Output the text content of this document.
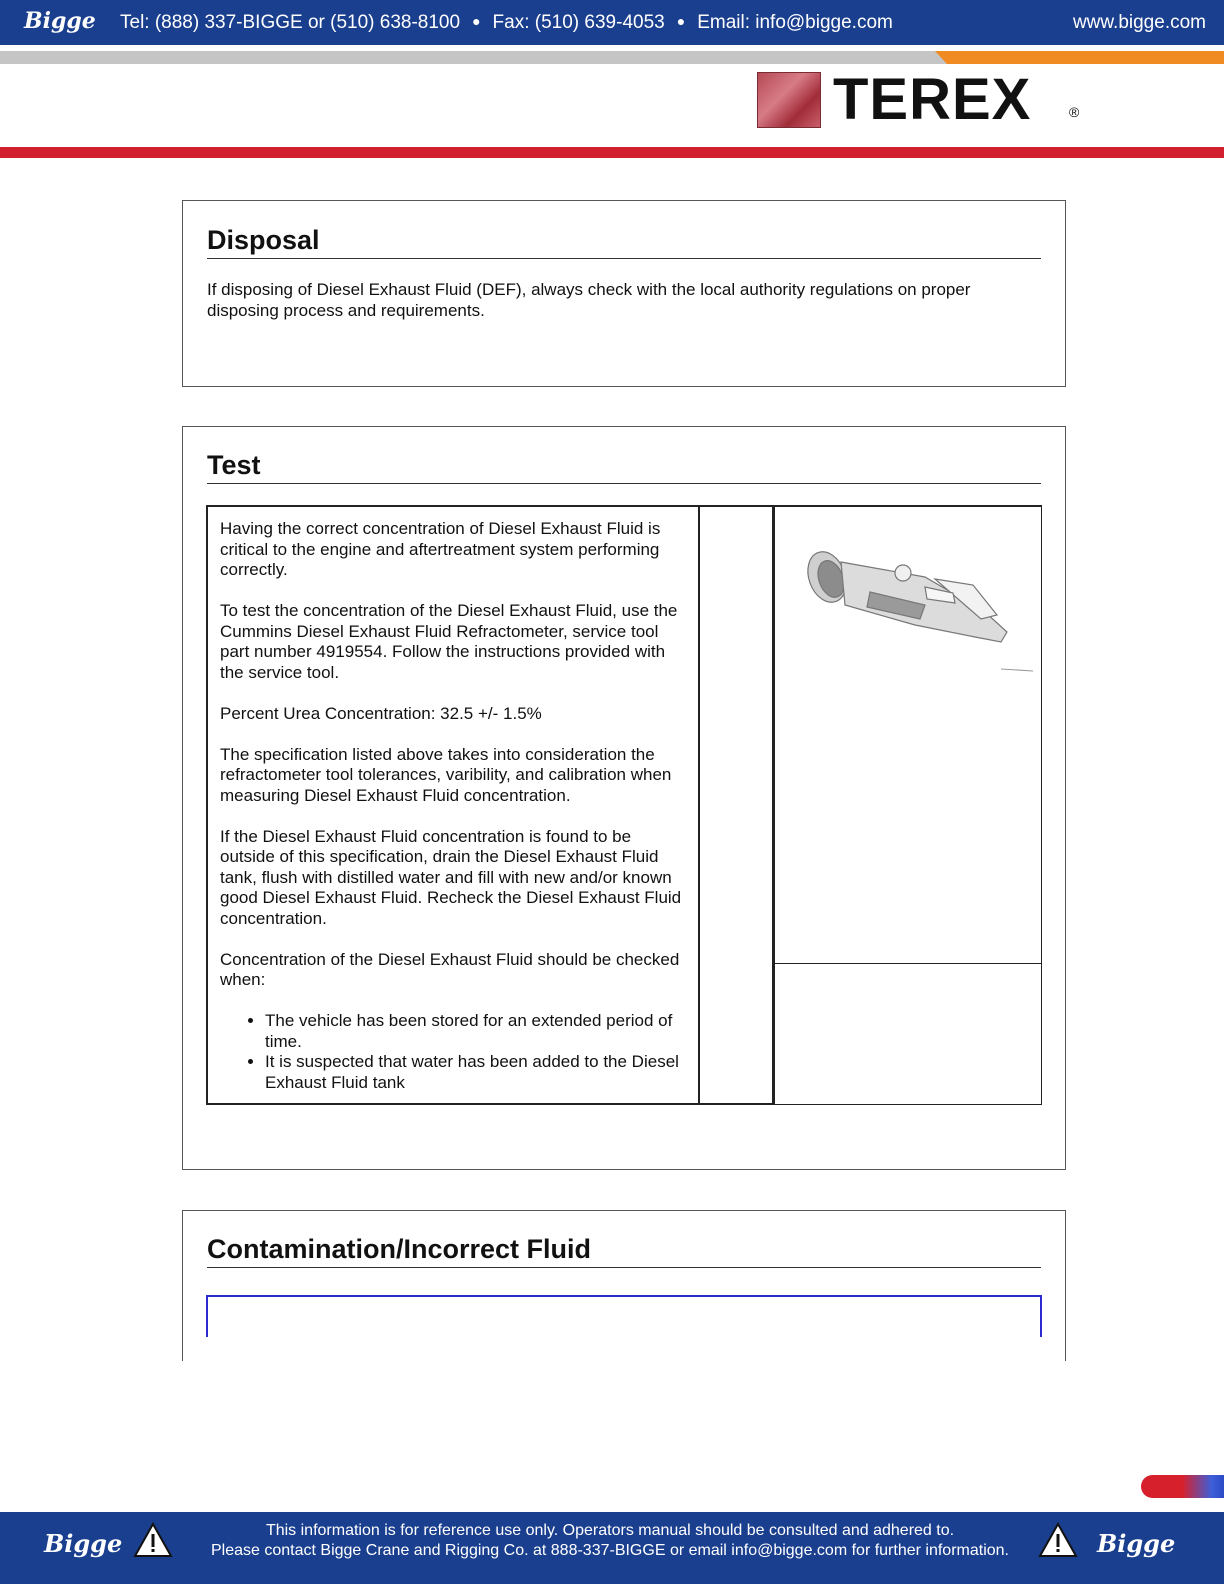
Bigge Tel: (888) 337-BIGGE or (510) 638-8100 ● Fax: (510) 639-4053 ● Email: info@bigge.com	www.bigge.com
TEREX	®
Disposal

If disposing of Diesel Exhaust Fluid (DEF), always check with the local authority regulations on proper disposing process and requirements.

Test

Having the correct concentration of Diesel Exhaust Fluid is critical to the engine and aftertreatment system performing correctly.

To test the concentration of the Diesel Exhaust Fluid, use the Cummins Diesel Exhaust Fluid Refractometer, service tool part number 4919554. Follow the instructions provided with the service tool.

Percent Urea Concentration: 32.5 +/- 1.5%

The specification listed above takes into consideration the refractometer tool tolerances, varibility, and calibration when measuring Diesel Exhaust Fluid concentration.

If the Diesel Exhaust Fluid concentration is found to be outside of this specification, drain the Diesel Exhaust Fluid tank, flush with distilled water and fill with new and/or known good Diesel Exhaust Fluid. Recheck the Diesel Exhaust Fluid concentration.

Concentration of the Diesel Exhaust Fluid should be checked when:

• The vehicle has been stored for an extended period of time.
• It is suspected that water has been added to the Diesel Exhaust Fluid tank
Contamination/Incorrect Fluid
Bigge	This information is for reference use only. Operators manual should be consulted and adhered to.
Please contact Bigge Crane and Rigging Co. at 888-337-BIGGE or email info@bigge.com for further information.	Bigge
